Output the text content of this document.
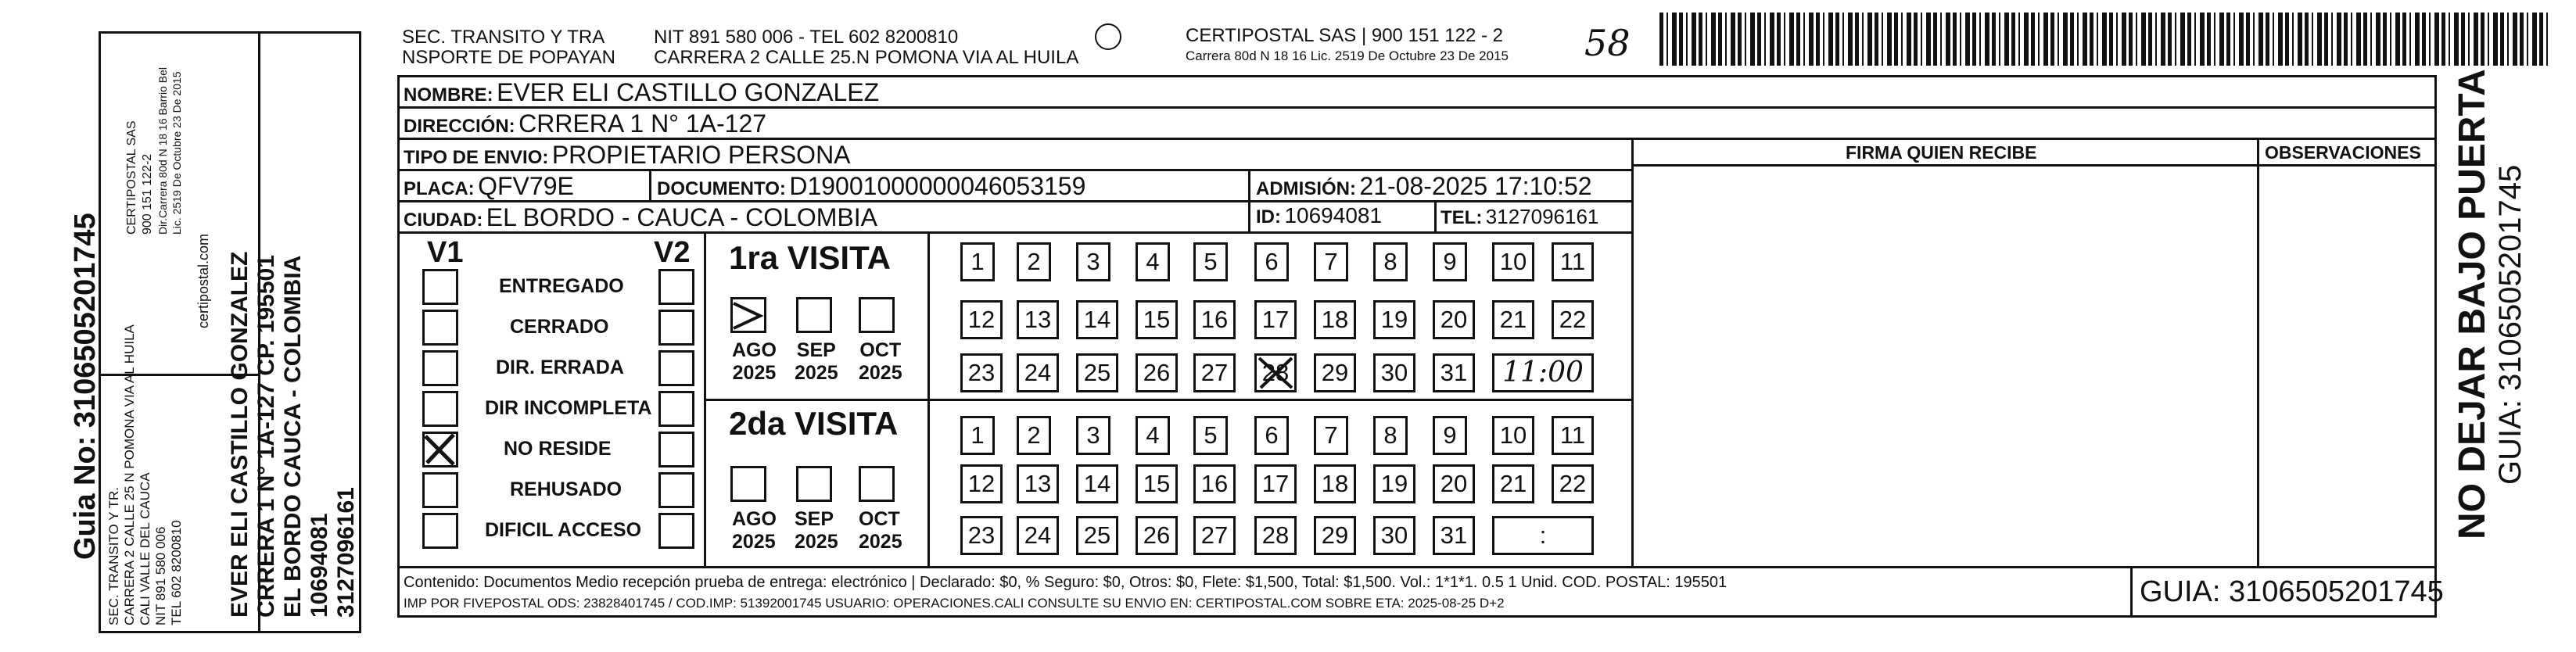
Guia No: 3106505201745 SEC. TRANSITO Y TR. CARRERA 2 CALLE 25 N POMONA VIA AL HUILA CALI VALLE DEL CAUCA NIT 891 580 006 TEL 602 8200810
CERTIPOSTAL SAS 900 151 122-2 Dir.Carrera 80d N 18 16 Barrio Bel Lic. 2519 De Octubre 23 De 2015
certipostal.com EVER ELI CASTILLO GONZALEZ CRRERA 1 N° 1A-127 CP. 195501 EL BORDO CAUCA - COLOMBIA 10694081 3127096161
SEC. TRANSITO Y TRA
NSPORTE DE POPAYAN
NIT 891 580 006 - TEL 602 8200810
CARRERA 2 CALLE 25.N POMONA VIA AL HUILA
CERTIPOSTAL SAS | 900 151 122 - 2
Carrera 80d N 18 16 Lic. 2519 De Octubre 23 De 2015 58
NOMBRE: EVER ELI CASTILLO GONZALEZ
DIRECCIÓN: CRRERA 1 N° 1A-127
TIPO DE ENVIO: PROPIETARIO PERSONA
PLACA: QFV79E	DOCUMENTO: D19001000000046053159	ADMISIÓN: 21-08-2025 17:10:52
CIUDAD: EL BORDO - CAUCA - COLOMBIA	ID: 10694081	TEL: 3127096161
FIRMA QUIEN RECIBE	OBSERVACIONES
V1	V2
ENTREGADO
CERRADO
DIR. ERRADA
DIR INCOMPLETA
NO RESIDE
REHUSADO
DIFICIL ACCESO
1ra VISITA
AGO
2025
SEP
2025
OCT
2025
1	2	3	4	5	6	7	8	9	10	11
12	13	14	15	16	17	18	19	20	21	22
23	24	25	26	27	28	29	30	31	11:00
2da VISITA
AGO
2025
SEP
2025
OCT
2025
1	2	3	4	5	6	7	8	9	10	11
12	13	14	15	16	17	18	19	20	21	22
23	24	25	26	27	28	29	30	31	:
Contenido: Documentos Medio recepción prueba de entrega: electrónico | Declarado: $0, % Seguro: $0, Otros: $0, Flete: $1,500, Total: $1,500. Vol.: 1*1*1. 0.5 1 Unid. COD. POSTAL: 195501
IMP POR FIVEPOSTAL ODS: 23828401745 / COD.IMP: 51392001745 USUARIO: OPERACIONES.CALI CONSULTE SU ENVIO EN: CERTIPOSTAL.COM SOBRE ETA: 2025-08-25 D+2	GUIA: 3106505201745
NO DEJAR BAJO PUERTA GUIA: 3106505201745
